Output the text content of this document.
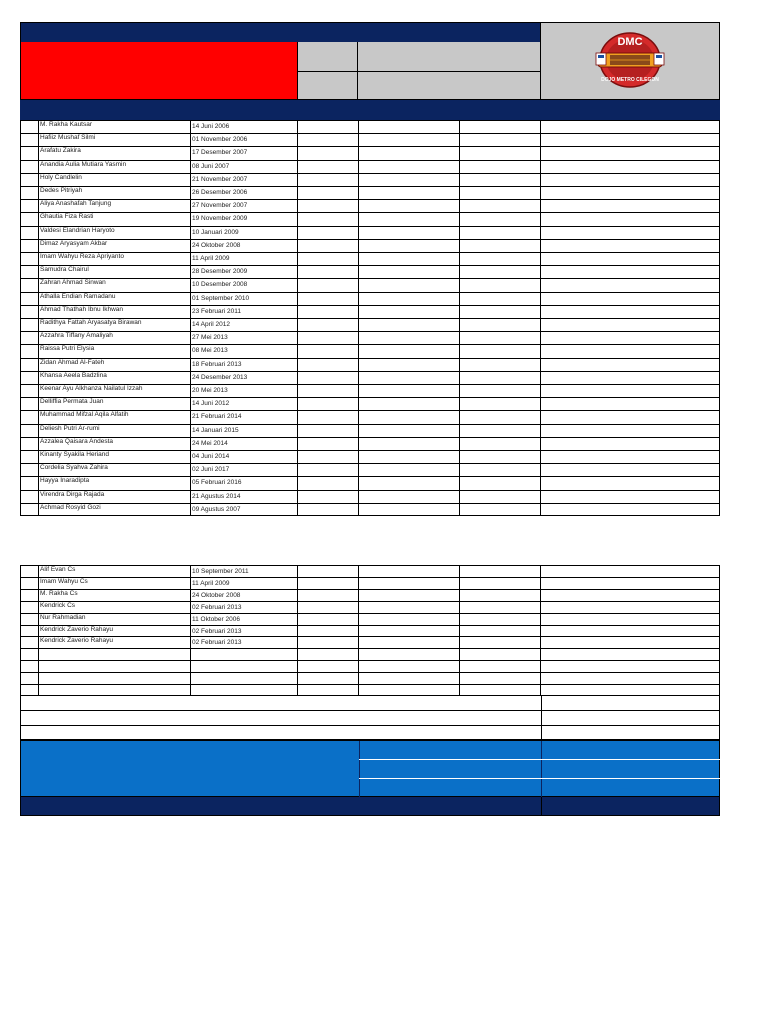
DMC
DOJO METRO CILEGON
M. Rakha Kautsar	14 Juni 2006
Hafiiz Mushaf Silmi	01 November 2006
Arafatu Zakira	17 Desember 2007
Anandia Aulia Mutiara Yasmin	08 Juni 2007
Holy Candlelin	21 November 2007
Dedes Pitriyah	26 Desember 2006
Aliya Anashafah Tanjung	27 November 2007
Ghautia Fiza Rasti	19 November 2009
Valdesi Elandrian Haryoto	10 Januari 2009
Dimaz Aryasyam Akbar	24 Oktober 2008
Imam Wahyu Reza Apriyanto	11 April 2009
Samudra Chairul	28 Desember 2009
Zahran Ahmad Sinwan	10 Desember 2008
Athalla Endian Ramadanu	01 September 2010
Ahmad Thathah Ibnu Ikhwan	23 Februari 2011
Radithya Fattah Aryasatya Birawan	14 April 2012
Azzahra Tiffany Amaliyah	27 Mei 2013
Raissa Putri Elysia	08 Mei 2013
Zidan Ahmad Al-Fateh	18 Februari 2013
Khansa Aeela Badzlina	24 Desember 2013
Keenar Ayu Alkhanza Nailatul Izzah	20 Mei 2013
Delliffia Permata Juan	14 Juni 2012
Muhammad Mifzal Aqila Alfatih	21 Februari 2014
Deliesh Putri Ar-rumi	14 Januari 2015
Azzalea Qaisara Andesta	24 Mei 2014
Kinanty Syakila Heriand	04 Juni 2014
Cordelia Syahva Zahira	02 Juni 2017
Hayya Inaradipta	05 Februari 2016
Virendra Dirga Rajada	21 Agustus 2014
Achmad Rosyid Gozi	09 Agustus 2007
Alif Evan Cs	10 September 2011
Imam Wahyu Cs	11 April 2009
M. Rakha Cs	24 Oktober 2008
Kendrick Cs	02 Februari 2013
Nur Rahmadian	11 Oktober 2006
Kendrick Zaverio Rahayu	02 Februari 2013
Kendrick Zaverio Rahayu	02 Februari 2013
